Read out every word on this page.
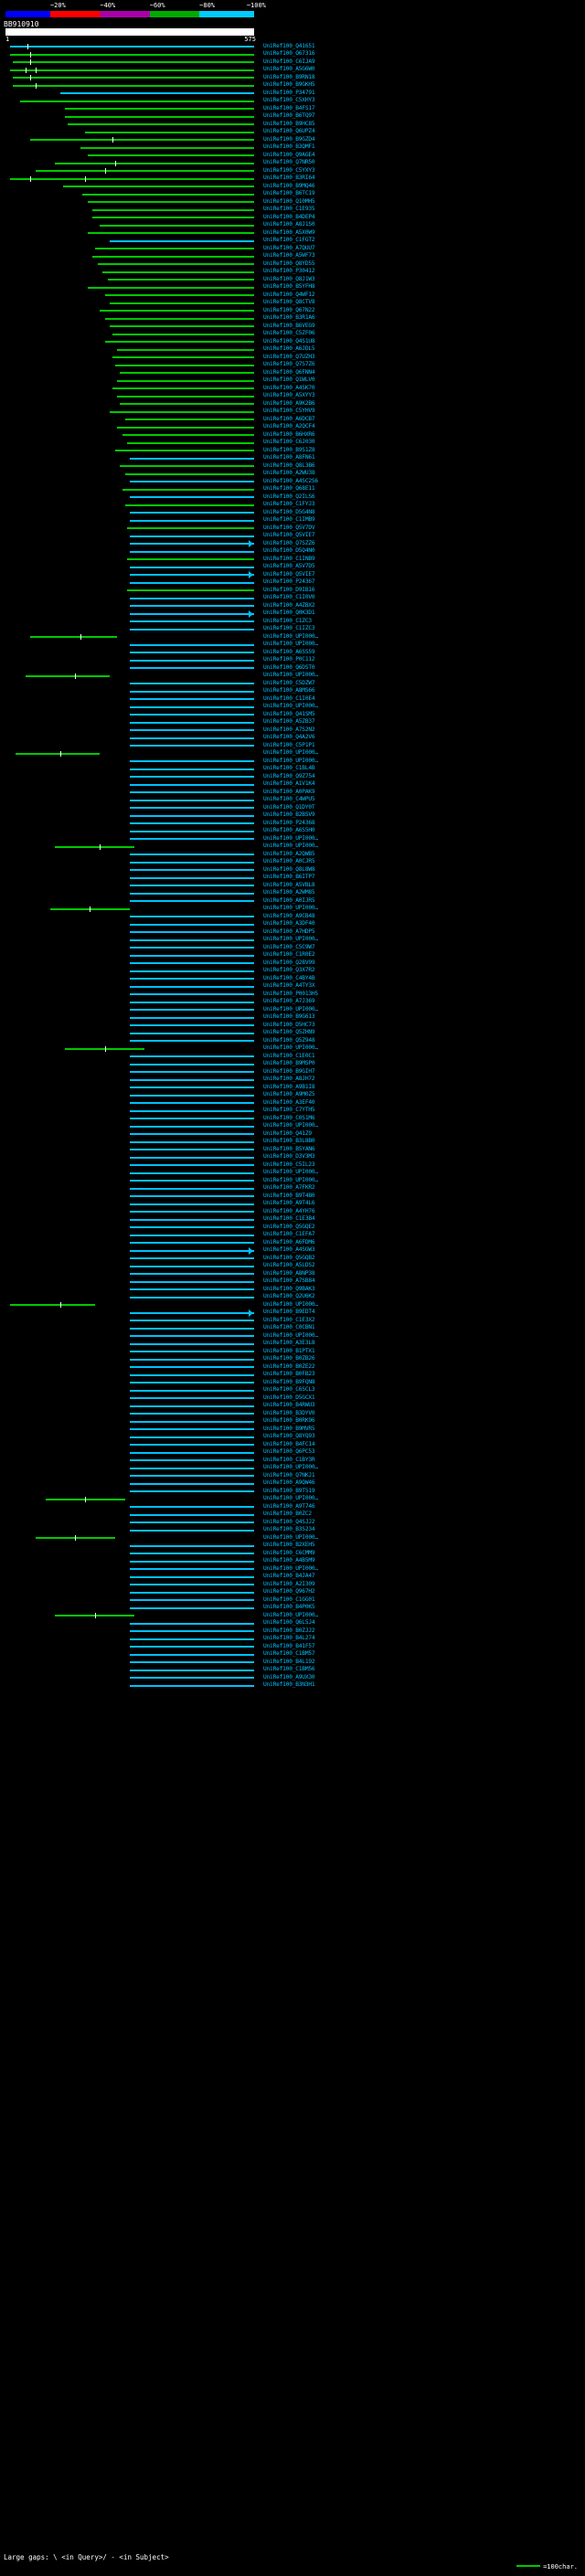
~20%	~40%	~60%	~80%	~100%
BB910910
1	575
UniRef100_Q41651
UniRef100_O67316
UniRef100_C6IJA9
UniRef100_A5G6W0
UniRef100_B9RN18
UniRef100_B9GKH5
UniRef100_P34791
UniRef100_C5XHY3
UniRef100_B4FS17
UniRef100_B6TQ97
UniRef100_B9HC85
UniRef100_Q6UPZ4
UniRef100_B9GZD4
UniRef100_B3QMF1
UniRef100_Q9AGE4
UniRef100_Q7NR50
UniRef100_C5YXY3
UniRef100_B3RI64
UniRef100_B9MQ46
UniRef100_B6TC19
UniRef100_Q10MH5
UniRef100_C1E935
UniRef100_B4DEP4
UniRef100_A8J1S0
UniRef100_A5X0W9
UniRef100_C1FGT2
UniRef100_A7QUU7
UniRef100_A5WF73
UniRef100_Q8YD55
UniRef100_P30412
UniRef100_Q8J1W3
UniRef100_B5YFH8
UniRef100_Q4WF12
UniRef100_Q8CTV8
UniRef100_Q67N22
UniRef100_B3R1A6
UniRef100_B6VEG9
UniRef100_C5ZF06
UniRef100_Q4S1U8
UniRef100_A6JDL5
UniRef100_Q7UZH3
UniRef100_Q7S7Z6
UniRef100_Q6FNN4
UniRef100_Q1WLV0
UniRef100_A4SK70
UniRef100_A5XYY3
UniRef100_A9K2B6
UniRef100_C5YHV9
UniRef100_A6DCB7
UniRef100_A2QCF4
UniRef100_B6HXR6
UniRef100_C6J030
UniRef100_B9S1Z8
UniRef100_A8FN61
UniRef100_Q8L3B6
UniRef100_A2WU38
UniRef100_A4SC2S6
UniRef100_Q68E11
UniRef100_Q2ILS6
UniRef100_C1FYJ3
UniRef100_D5G4N8
UniRef100_C1IMB9
UniRef100_Q5V7DV
UniRef100_Q5VIE7
UniRef100_Q7SZZ6
UniRef100_D5Q4N0
UniRef100_C1INB9
UniRef100_A5V7D5
UniRef100_Q5VIE7
UniRef100_P24367
UniRef100_D9IB16
UniRef100_C1I0V0
UniRef100_A4ZBX2
UniRef100_Q0K3D1
UniRef100_C1ZC3
UniRef100_C1IZC3
UniRef100_UPI000…
UniRef100_UPI000…
UniRef100_A6SS59
UniRef100_P0C112
UniRef100_Q6DST0
UniRef100_UPI000…
UniRef100_C5DZW7
UniRef100_A8MS66
UniRef100_C1I0E4
UniRef100_UPI000…
UniRef100_Q41SM5
UniRef100_A5ZB37
UniRef100_A7S2N2
UniRef100_Q4A2V6
UniRef100_C5P1P1
UniRef100_UPI000…
UniRef100_UPI000…
UniRef100_C1BL4B
UniRef100_Q9Z754
UniRef100_A1V1K4
UniRef100_A0PAK9
UniRef100_C4WPU5
UniRef100_Q1DY0T
UniRef100_B2BSV9
UniRef100_P24368
UniRef100_A6S5H0
UniRef100_UPI000…
UniRef100_UPI000…
UniRef100_A2QWB5
UniRef100_A0CJR5
UniRef100_Q8L8W8
UniRef100_B6ITP7
UniRef100_A5VBL8
UniRef100_A2WM85
UniRef100_A0IJR5
UniRef100_UPI000…
UniRef100_A9CB48
UniRef100_A3DF40
UniRef100_A7HDP5
UniRef100_UPI000…
UniRef100_C5C9W7
UniRef100_C1R0E2
UniRef100_Q28V99
UniRef100_Q3X7R2
UniRef100_C4BY4B
UniRef100_A4TY3X
UniRef100_P0013H5
UniRef100_A7J369
UniRef100_UPI000…
UniRef100_B9G613
UniRef100_D5HC73
UniRef100_Q5ZHN9
UniRef100_Q5Z948
UniRef100_UPI000…
UniRef100_C1E0C1
UniRef100_B9MSP0
UniRef100_B9GIH7
UniRef100_A8JH72
UniRef100_A9B1I8
UniRef100_A9M0Z5
UniRef100_A3EF40
UniRef100_C7YTH5
UniRef100_C0S1M6
UniRef100_UPI000…
UniRef100_Q41Z9
UniRef100_B3L8B0
UniRef100_B5YAN6
UniRef100_D3V3M3
UniRef100_C5IL23
UniRef100_UPI000…
UniRef100_UPI000…
UniRef100_A7FKR2
UniRef100_B9T4B0
UniRef100_A9T4L6
UniRef100_A4YH76
UniRef100_C1E3B4
UniRef100_Q5GQE2
UniRef100_C1EFA7
UniRef100_A6FDM6
UniRef100_A4SGW3
UniRef100_Q5GQB2
UniRef100_A5LDS2
UniRef100_A8NP38
UniRef100_A7SB84
UniRef100_Q9BAK3
UniRef100_Q2U6K2
UniRef100_UPI000…
UniRef100_B9EDT4
UniRef100_C1E3X2
UniRef100_C0CBN1
UniRef100_UPI000…
UniRef100_A3E3L8
UniRef100_B1PTX1
UniRef100_B0ZB26
UniRef100_B0ZE22
UniRef100_B0FB23
UniRef100_B9FQN8
UniRef100_C6SCL3
UniRef100_D5GCX1
UniRef100_B4RWU3
UniRef100_B3DYV0
UniRef100_B0RK96
UniRef100_B9MVR5
UniRef100_Q8YQ93
UniRef100_B4FC14
UniRef100_Q6PC53
UniRef100_C1BY3R
UniRef100_UPI000…
UniRef100_Q7NKJ1
UniRef100_A9QW46
UniRef100_B9T519
UniRef100_UPI000…
UniRef100_A9T746
UniRef100_B0ZC2
UniRef100_Q4SJJ2
UniRef100_B3S234
UniRef100_UPI000…
UniRef100_B2XEH5
UniRef100_C6CMM9
UniRef100_A4B5M9
UniRef100_UPI000…
UniRef100_B4JA47
UniRef100_A2I309
UniRef100_Q967H2
UniRef100_C1GG01
UniRef100_B4P0K5
UniRef100_UPI000…
UniRef100_Q6L5J4
UniRef100_B0ZJJ2
UniRef100_B4L274
UniRef100_B41F57
UniRef100_C1BM57
UniRef100_B4L192
UniRef100_C1BM56
UniRef100_A9UX30
UniRef100_B3N3H1
Large gaps: \ <in Query>/ - <in Subject>
=100char.
